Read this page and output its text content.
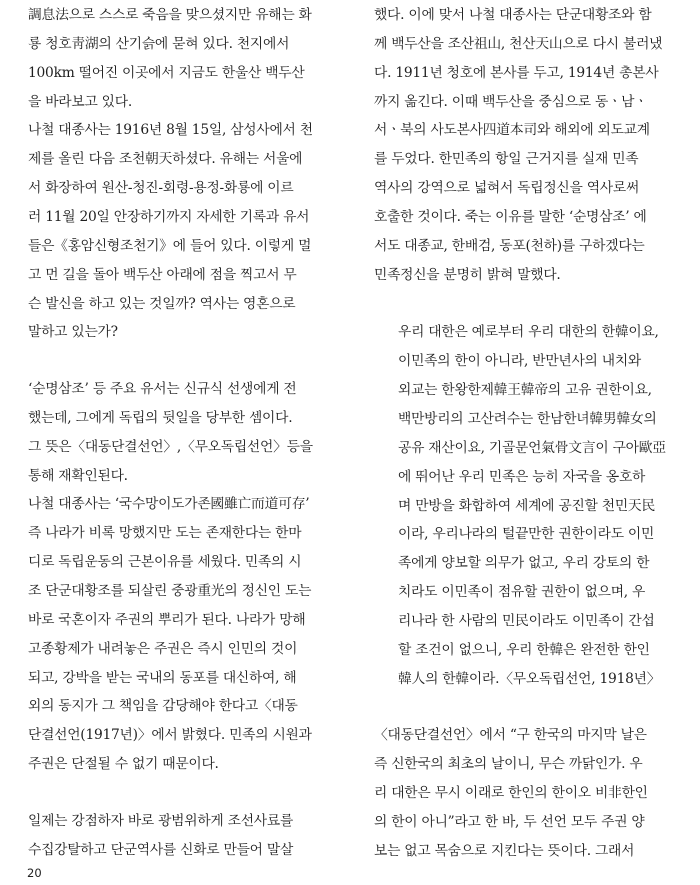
調息法으로 스스로 죽음을 맞으셨지만 유해는 화
룡 청호靑湖의 산기슭에 묻혀 있다. 천지에서
100km 떨어진 이곳에서 지금도 한울산 백두산
을 바라보고 있다.
나철 대종사는 1916년 8월 15일, 삼성사에서 천
제를 올린 다음 조천朝天하셨다. 유해는 서울에
서 화장하여 원산-청진-회령-용정-화룡에 이르
러 11월 20일 안장하기까지 자세한 기록과 유서
들은《홍암신형조천기》에 들어 있다. 이렇게 멀
고 먼 길을 돌아 백두산 아래에 점을 찍고서 무
슨 발신을 하고 있는 것일까? 역사는 영혼으로
말하고 있는가?
‘순명삼조’ 등 주요 유서는 신규식 선생에게 전
했는데, 그에게 독립의 뒷일을 당부한 셈이다.
그 뜻은〈대동단결선언〉,〈무오독립선언〉등을
통해 재확인된다.
나철 대종사는 ‘국수망이도가존國雖亡而道可存’
즉 나라가 비록 망했지만 도는 존재한다는 한마
디로 독립운동의 근본이유를 세웠다. 민족의 시
조 단군대황조를 되살린 중광重光의 정신인 도는
바로 국혼이자 주권의 뿌리가 된다. 나라가 망해
고종황제가 내려놓은 주권은 즉시 인민의 것이
되고, 강박을 받는 국내의 동포를 대신하여, 해
외의 동지가 그 책임을 감당해야 한다고〈대동
단결선언(1917년)〉에서 밝혔다. 민족의 시원과
주권은 단절될 수 없기 때문이다.
일제는 강점하자 바로 광범위하게 조선사료를
수집강탈하고 단군역사를 신화로 만들어 말살
했다. 이에 맞서 나철 대종사는 단군대황조와 함
께 백두산을 조산祖山, 천산天山으로 다시 불러냈
다. 1911년 청호에 본사를 두고, 1914년 총본사
까지 옮긴다. 이때 백두산을 중심으로 동ㆍ남ㆍ
서ㆍ북의 사도본사四道本司와 해외에 외도교계
를 두었다. 한민족의 항일 근거지를 실재 민족
역사의 강역으로 넓혀서 독립정신을 역사로써
호출한 것이다. 죽는 이유를 말한 ‘순명삼조’ 에
서도 대종교, 한배검, 동포(천하)를 구하겠다는
민족정신을 분명히 밝혀 말했다.
우리 대한은 예로부터 우리 대한의 한韓이요,
이민족의 한이 아니라, 반만년사의 내치와
외교는 한왕한제韓王韓帝의 고유 권한이요,
백만방리의 고산려수는 한남한녀韓男韓女의
공유 재산이요, 기골문언氣骨文言이 구아歐亞
에 뛰어난 우리 민족은 능히 자국을 옹호하
며 만방을 화합하여 세계에 공진할 천민天民
이라, 우리나라의 털끝만한 권한이라도 이민
족에게 양보할 의무가 없고, 우리 강토의 한
치라도 이민족이 점유할 권한이 없으며, 우
리나라 한 사람의 민民이라도 이민족이 간섭
할 조건이 없으니, 우리 한韓은 완전한 한인
韓人의 한韓이라.〈무오독립선언, 1918년〉
〈대동단결선언〉에서 “구 한국의 마지막 날은
즉 신한국의 최초의 날이니, 무슨 까닭인가. 우
리 대한은 무시 이래로 한인의 한이오 비非한인
의 한이 아니”라고 한 바, 두 선언 모두 주권 양
보는 없고 목숨으로 지킨다는 뜻이다. 그래서
20
